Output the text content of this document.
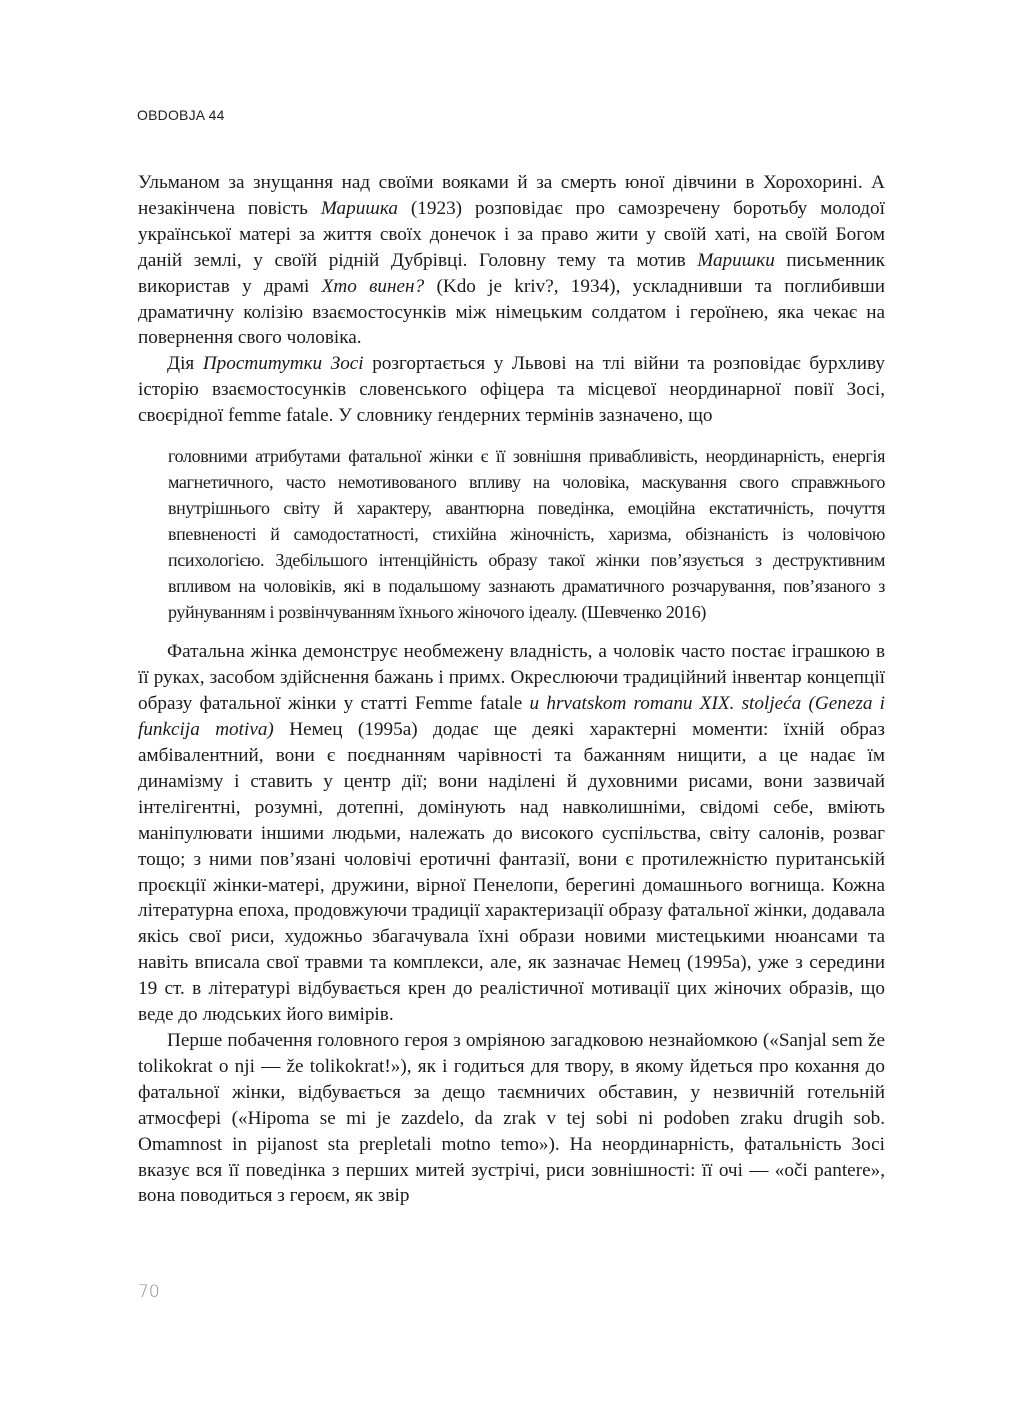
OBDOBJA 44

Ульманом за знущання над своїми вояками й за смерть юної дівчини в Хорохорині. А незакінчена повість Маришка (1923) розповідає про самозречену боротьбу молодої української матері за життя своїх донечок і за право жити у своїй хаті, на своїй Богом даній землі, у своїй рідній Дубрівці. Головну тему та мотив Маришки письменник використав у драмі Хто винен? (Kdo je kriv?, 1934), ускладнивши та поглибивши драматичну колізію взаємостосунків між німецьким солдатом і героїнею, яка чекає на повернення свого чоловіка.

Дія Проститутки Зосі розгортається у Львові на тлі війни та розповідає бурхливу історію взаємостосунків словенського офіцера та місцевої неординарної повії Зосі, своєрідної femme fatale. У словнику ґендерних термінів зазначено, що

головними атрибутами фатальної жінки є її зовнішня привабливість, неординарність, енергія магнетичного, часто немотивованого впливу на чоловіка, маскування свого справжнього внутрішнього світу й характеру, авантюрна поведінка, емоційна екстатичність, почуття впевненості й самодостатності, стихійна жіночність, харизма, обізнаність із чоловічою психологією. Здебільшого інтенційність образу такої жінки пов’язується з деструктивним впливом на чоловіків, які в подальшому зазнають драматичного розчарування, пов’язаного з руйнуванням і розвінчуванням їхнього жіночого ідеалу. (Шевченко 2016)

Фатальна жінка демонструє необмежену владність, а чоловік часто постає іграшкою в її руках, засобом здійснення бажань і примх. Окреслюючи традиційний інвентар концепції образу фатальної жінки у статті Femme fatale u hrvatskom romanu XIX. stoljeća (Geneza i funkcija motiva) Немец (1995a) додає ще деякі характерні моменти: їхній образ амбівалентний, вони є поєднанням чарівності та бажанням нищити, а це надає їм динамізму і ставить у центр дії; вони наділені й духовними рисами, вони зазвичай інтелігентні, розумні, дотепні, домінують над навколишніми, свідомі себе, вміють маніпулювати іншими людьми, належать до високого суспільства, світу салонів, розваг тощо; з ними пов’язані чоловічі еротичні фантазії, вони є протилежністю пуританській проєкції жінки-матері, дружини, вірної Пенелопи, берегині домашнього вогнища. Кожна літературна епоха, продовжуючи традиції характеризації образу фатальної жінки, додавала якісь свої риси, художньо збагачувала їхні образи новими мистецькими нюансами та навіть вписала свої травми та комплекси, але, як зазначає Немец (1995a), уже з середини 19 ст. в літературі відбувається крен до реалістичної мотивації цих жіночих образів, що веде до людських його вимірів.

Перше побачення головного героя з омріяною загадковою незнайомкою («Sanjal sem že tolikokrat o nji — že tolikokrat!»), як і годиться для твору, в якому йдеться про кохання до фатальної жінки, відбувається за дещо таємничих обставин, у незвичній готельній атмосфері («Hipoma se mi je zazdelo, da zrak v tej sobi ni podoben zraku drugih sob. Omamnost in pijanost sta prepletali motno temo»). На неординарність, фатальність Зосі вказує вся її поведінка з перших митей зустрічі, риси зовнішності: її очі — «oči pantere», вона поводиться з героєм, як звір

70
